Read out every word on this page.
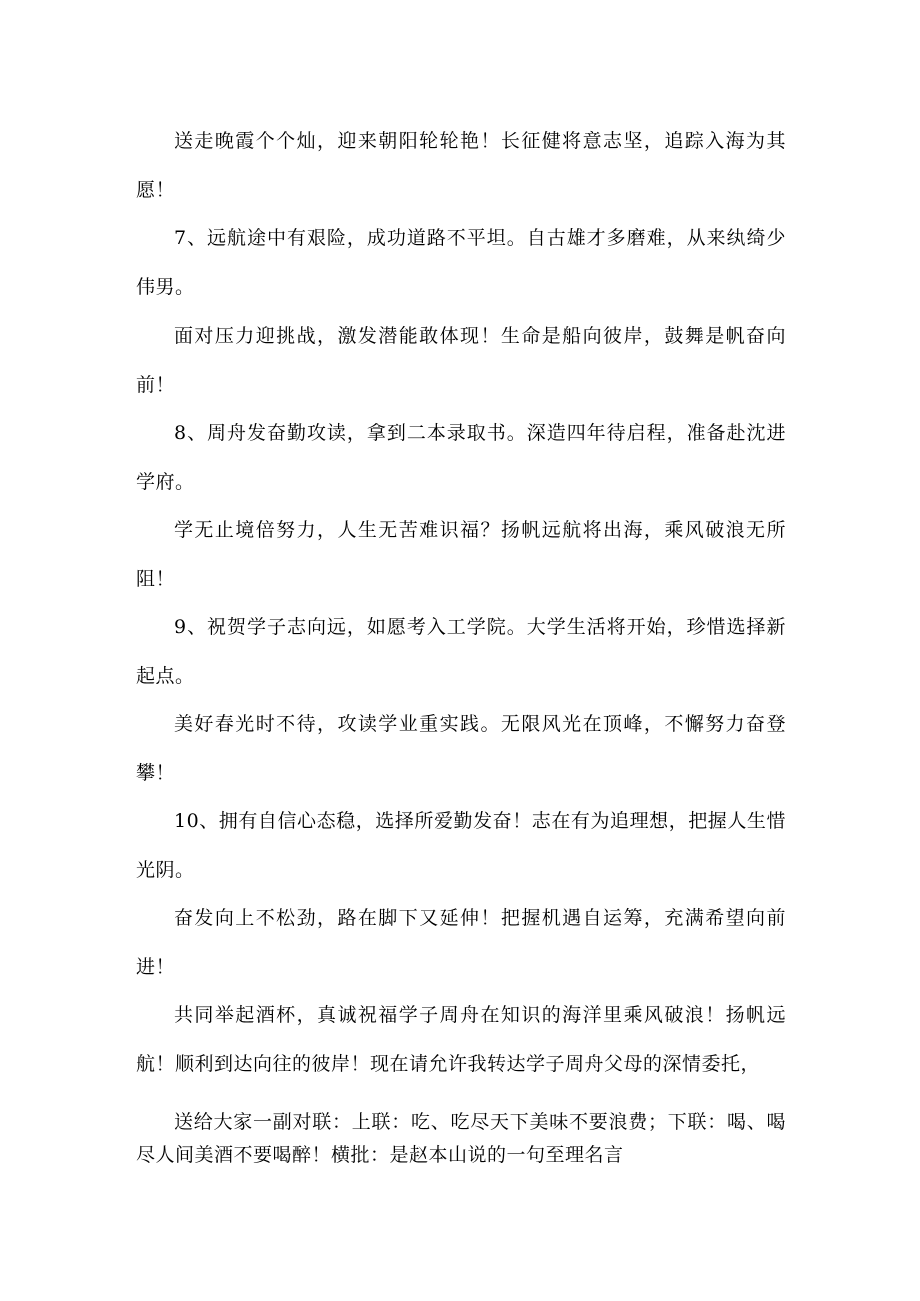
送走晚霞个个灿，迎来朝阳轮轮艳！长征健将意志坚，追踪入海为其愿！

7、远航途中有艰险，成功道路不平坦。自古雄才多磨难，从来纨绮少伟男。

面对压力迎挑战，激发潜能敢体现！生命是船向彼岸，鼓舞是帆奋向前！

8、周舟发奋勤攻读，拿到二本录取书。深造四年待启程，准备赴沈进学府。

学无止境倍努力，人生无苦难识福？扬帆远航将出海，乘风破浪无所阻！

9、祝贺学子志向远，如愿考入工学院。大学生活将开始，珍惜选择新起点。

美好春光时不待，攻读学业重实践。无限风光在顶峰，不懈努力奋登攀！

10、拥有自信心态稳，选择所爱勤发奋！志在有为追理想，把握人生惜光阴。

奋发向上不松劲，路在脚下又延伸！把握机遇自运筹，充满希望向前进！

共同举起酒杯，真诚祝福学子周舟在知识的海洋里乘风破浪！扬帆远航！顺利到达向往的彼岸！现在请允许我转达学子周舟父母的深情委托，

送给大家一副对联：上联：吃、吃尽天下美味不要浪费；下联：喝、喝尽人间美酒不要喝醉！横批：是赵本山说的一句至理名言
